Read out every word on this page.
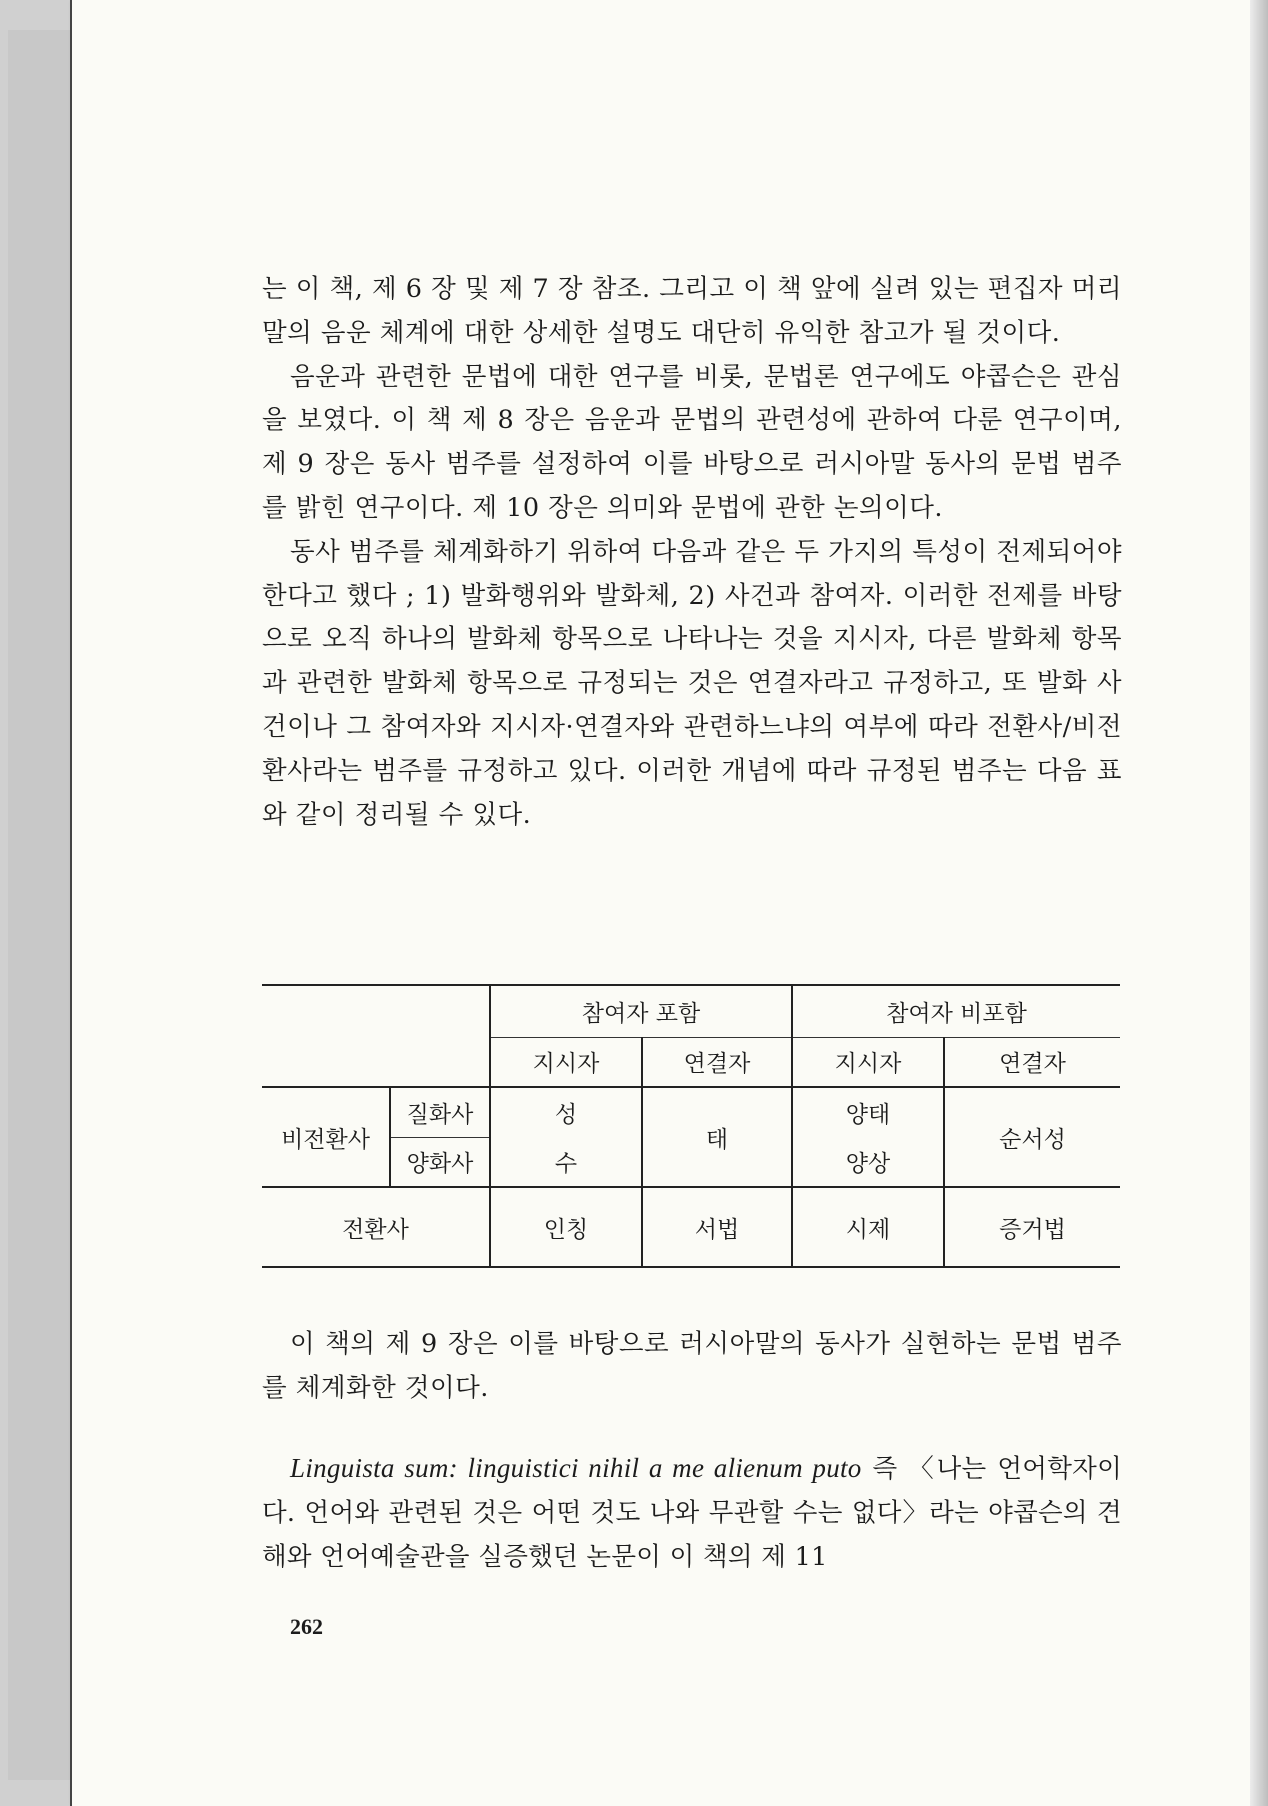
는 이 책, 제 6 장 및 제 7 장 참조. 그리고 이 책 앞에 실려 있는 편집자 머리말의 음운 체계에 대한 상세한 설명도 대단히 유익한 참고가 될 것이다.

음운과 관련한 문법에 대한 연구를 비롯, 문법론 연구에도 야콥슨은 관심을 보였다. 이 책 제 8 장은 음운과 문법의 관련성에 관하여 다룬 연구이며, 제 9 장은 동사 범주를 설정하여 이를 바탕으로 러시아말 동사의 문법 범주를 밝힌 연구이다. 제 10 장은 의미와 문법에 관한 논의이다.

동사 범주를 체계화하기 위하여 다음과 같은 두 가지의 특성이 전제되어야 한다고 했다 ; 1) 발화행위와 발화체, 2) 사건과 참여자. 이러한 전제를 바탕으로 오직 하나의 발화체 항목으로 나타나는 것을 지시자, 다른 발화체 항목과 관련한 발화체 항목으로 규정되는 것은 연결자라고 규정하고, 또 발화 사건이나 그 참여자와 지시자·연결자와 관련하느냐의 여부에 따라 전환사/비전환사라는 범주를 규정하고 있다. 이러한 개념에 따라 규정된 범주는 다음 표와 같이 정리될 수 있다.

		참여자 포함		참여자 비포함	
		지시자	연결자	지시자	연결자
비전환사	질화사	성	태	양태	순서성
	양화사	수		양상	
전환사		인칭	서법	시제	증거법

이 책의 제 9 장은 이를 바탕으로 러시아말의 동사가 실현하는 문법 범주를 체계화한 것이다.

Linguista sum: linguistici nihil a me alienum puto 즉 〈나는 언어학자이다. 언어와 관련된 것은 어떤 것도 나와 무관할 수는 없다〉라는 야콥슨의 견해와 언어예술관을 실증했던 논문이 이 책의 제 11

262
